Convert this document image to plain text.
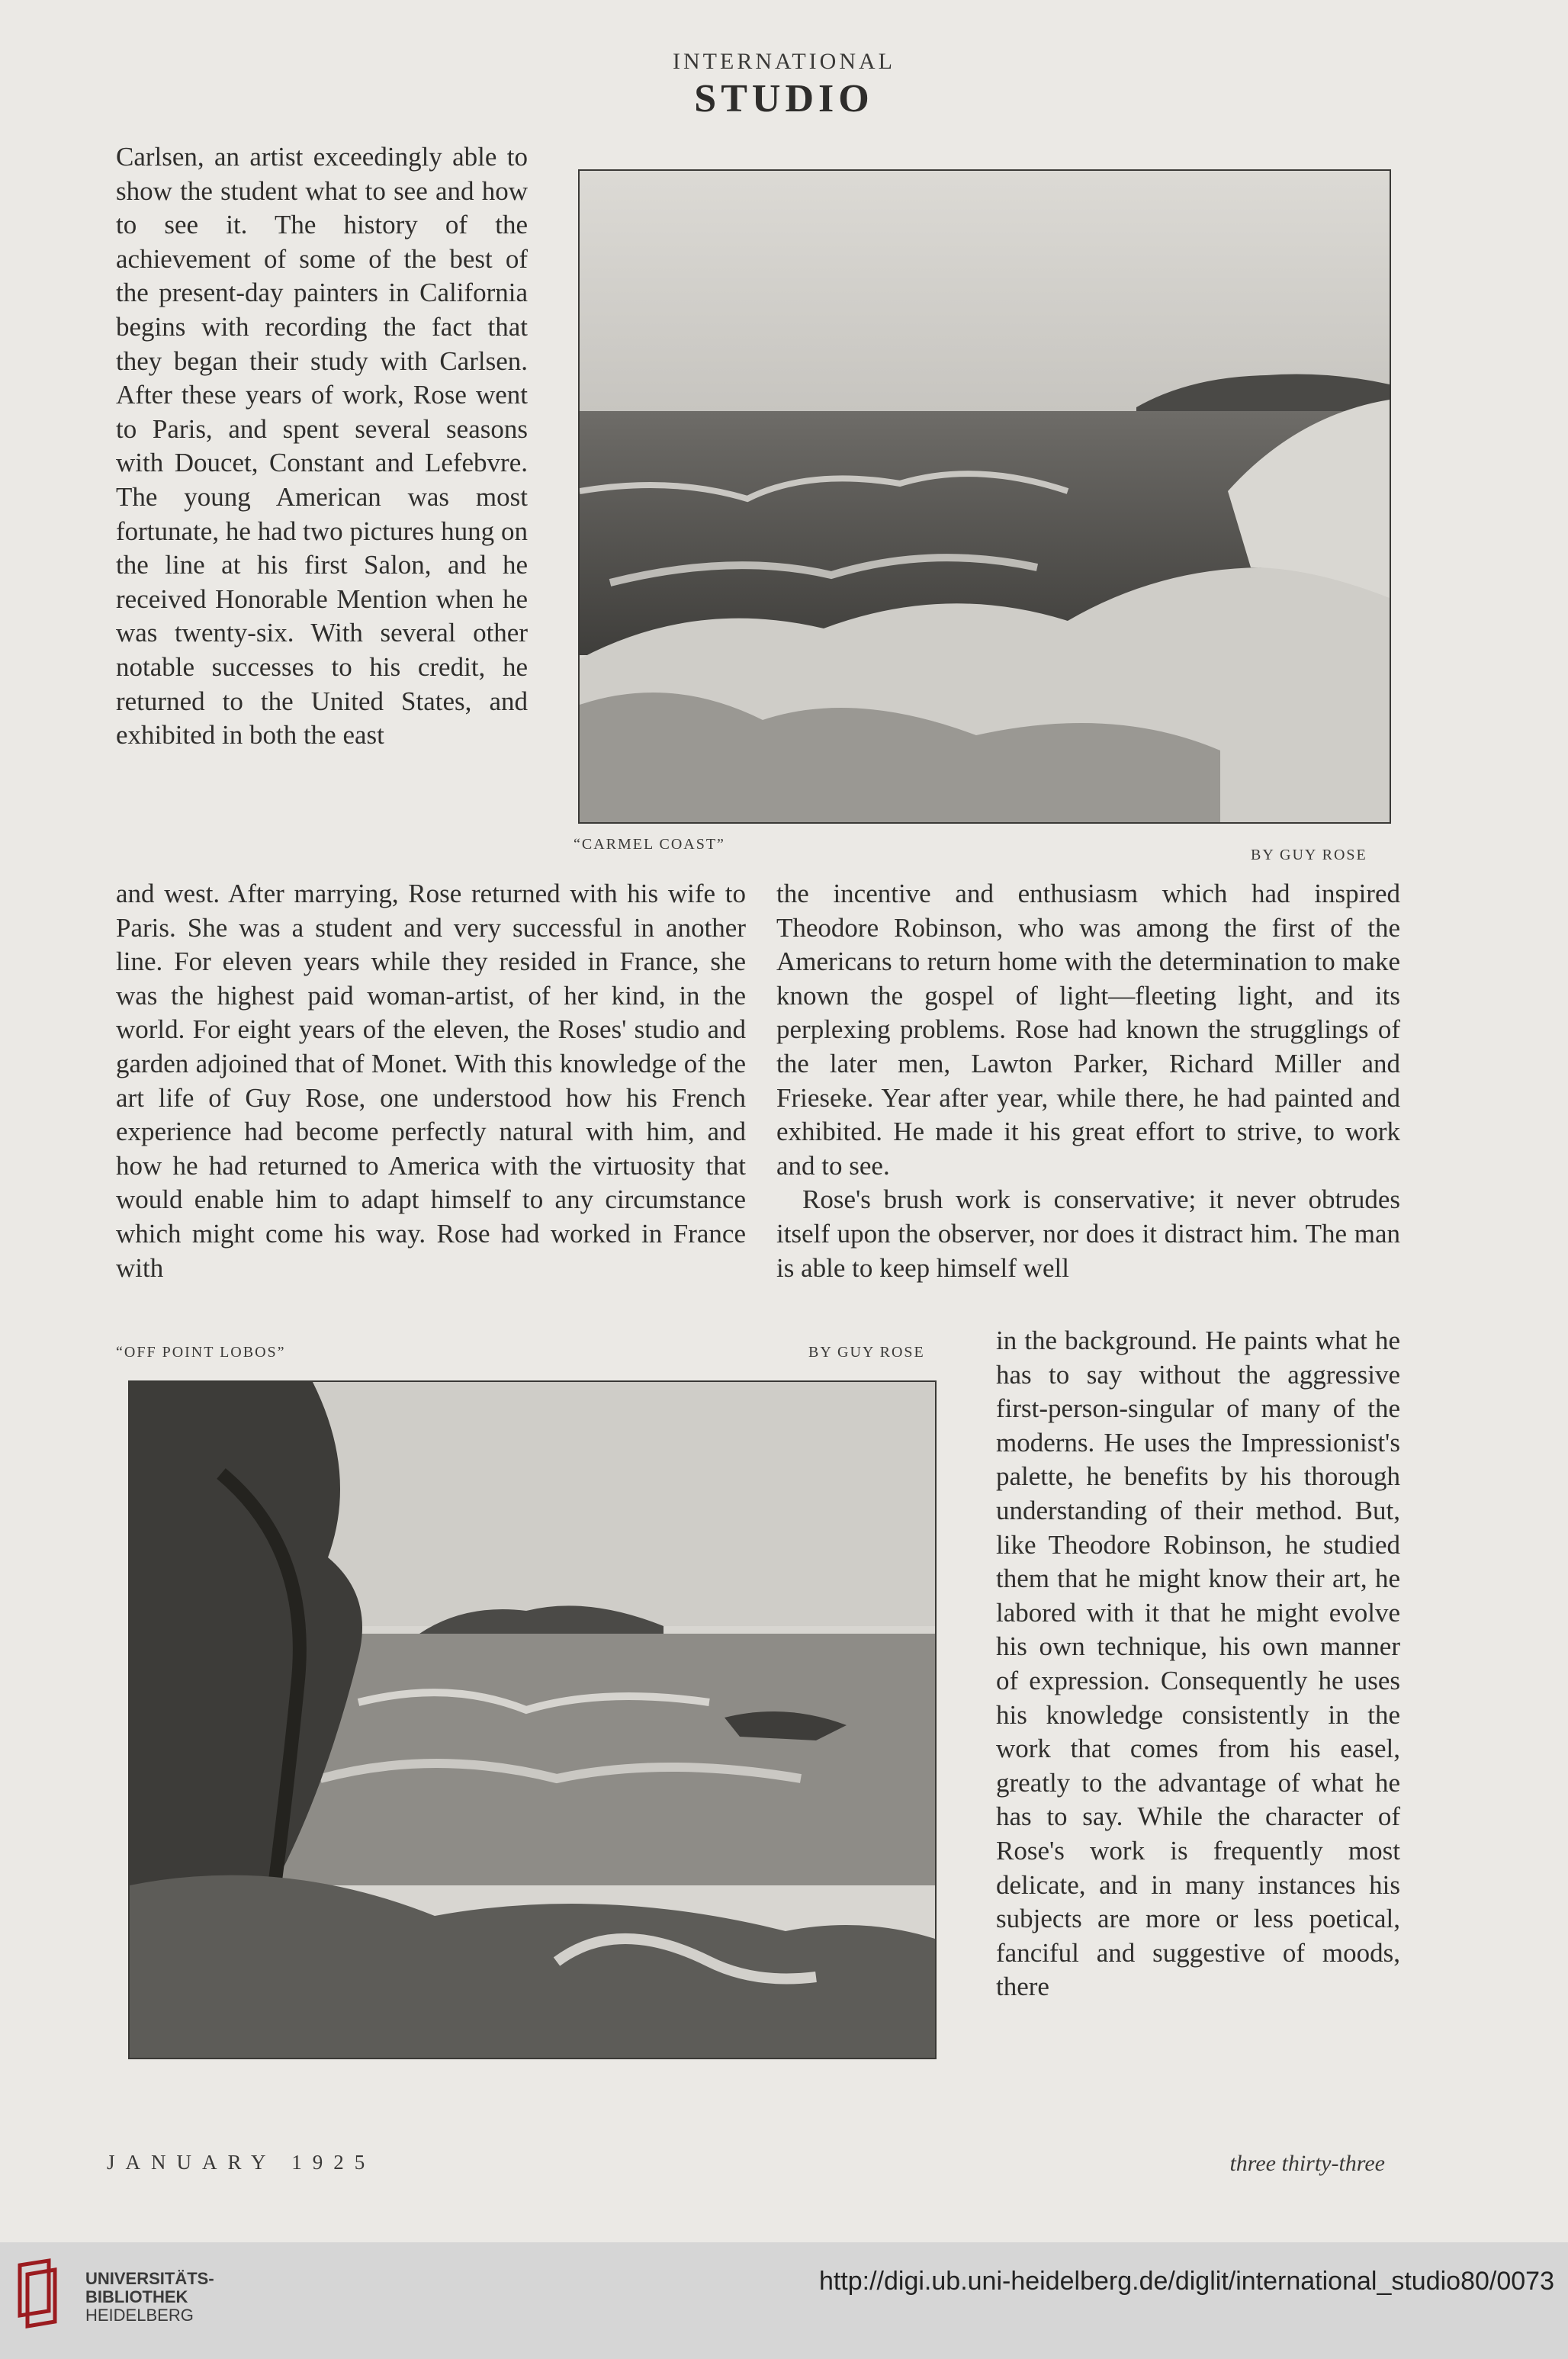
INTERNATIONAL
STUDIO

Carlsen, an artist exceedingly able to show the student what to see and how to see it. The history of the achievement of some of the best of the present-day painters in California begins with recording the fact that they began their study with Carlsen. After these years of work, Rose went to Paris, and spent several seasons with Doucet, Constant and Lefebvre. The young American was most fortunate, he had two pictures hung on the line at his first Salon, and he received Honorable Mention when he was twenty-six. With several other notable successes to his credit, he returned to the United States, and exhibited in both the east

“CARMEL COAST”
BY GUY ROSE

and west. After marrying, Rose returned with his wife to Paris. She was a student and very successful in another line. For eleven years while they resided in France, she was the highest paid woman-artist, of her kind, in the world. For eight years of the eleven, the Roses' studio and garden adjoined that of Monet. With this knowledge of the art life of Guy Rose, one understood how his French experience had become perfectly natural with him, and how he had returned to America with the virtuosity that would enable him to adapt himself to any circumstance which might come his way. Rose had worked in France with

the incentive and enthusiasm which had inspired Theodore Robinson, who was among the first of the Americans to return home with the determination to make known the gospel of light—fleeting light, and its perplexing problems. Rose had known the strugglings of the later men, Lawton Parker, Richard Miller and Frieseke. Year after year, while there, he had painted and exhibited. He made it his great effort to strive, to work and to see.

Rose's brush work is conservative; it never obtrudes itself upon the observer, nor does it distract him. The man is able to keep himself well

in the background. He paints what he has to say without the aggressive first-person-singular of many of the moderns. He uses the Impressionist's palette, he benefits by his thorough understanding of their method. But, like Theodore Robinson, he studied them that he might know their art, he labored with it that he might evolve his own technique, his own manner of expression. Consequently he uses his knowledge consistently in the work that comes from his easel, greatly to the advantage of what he has to say. While the character of Rose's work is frequently most delicate, and in many instances his subjects are more or less poetical, fanciful and suggestive of moods, there

“OFF POINT LOBOS”	BY GUY ROSE
JANUARY 1925	three thirty-three
UNIVERSITÄTS-
BIBLIOTHEK
HEIDELBERG
http://digi.ub.uni-heidelberg.de/diglit/international_studio80/0073
